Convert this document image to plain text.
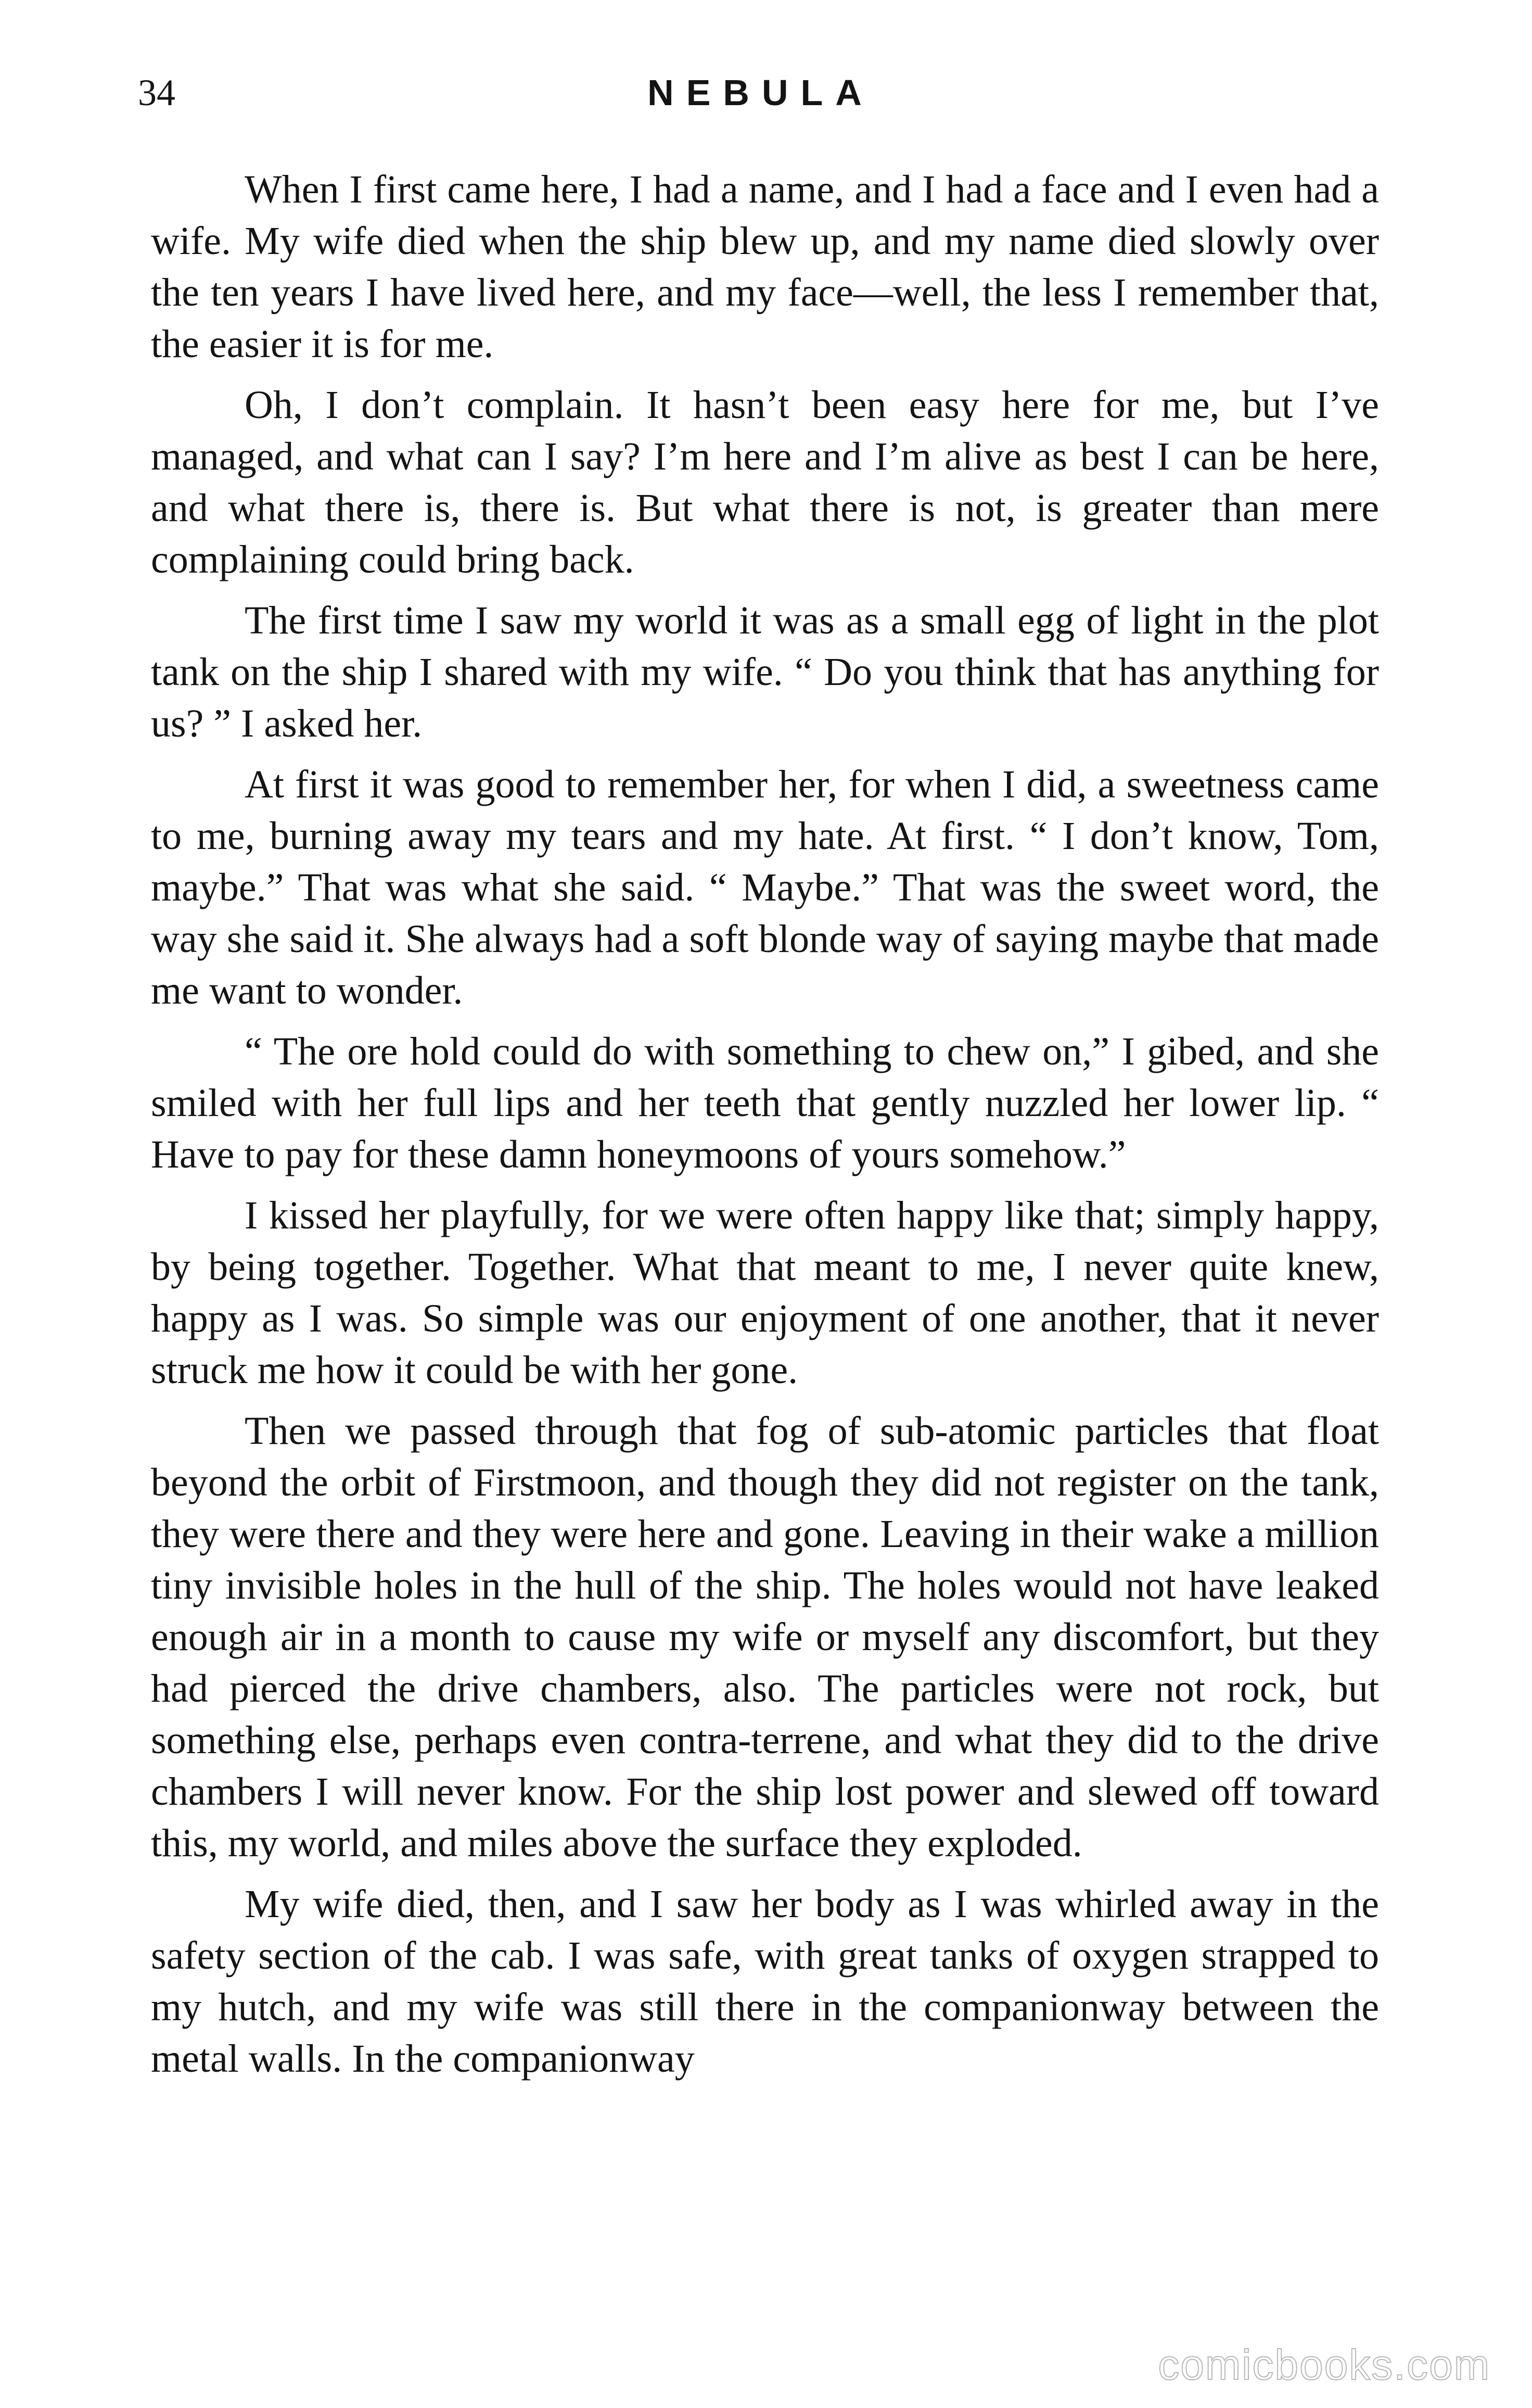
34	NEBULA

When I first came here, I had a name, and I had a face and I even had a wife. My wife died when the ship blew up, and my name died slowly over the ten years I have lived here, and my face—well, the less I remember that, the easier it is for me.

Oh, I don’t complain. It hasn’t been easy here for me, but I’ve managed, and what can I say? I’m here and I’m alive as best I can be here, and what there is, there is. But what there is not, is greater than mere complaining could bring back.

The first time I saw my world it was as a small egg of light in the plot tank on the ship I shared with my wife. “ Do you think that has anything for us? ” I asked her.

At first it was good to remember her, for when I did, a sweetness came to me, burning away my tears and my hate. At first. “ I don’t know, Tom, maybe.” That was what she said. “ Maybe.” That was the sweet word, the way she said it. She always had a soft blonde way of saying maybe that made me want to wonder.

“ The ore hold could do with something to chew on,” I gibed, and she smiled with her full lips and her teeth that gently nuzzled her lower lip. “ Have to pay for these damn honeymoons of yours somehow.”

I kissed her playfully, for we were often happy like that; simply happy, by being together. Together. What that meant to me, I never quite knew, happy as I was. So simple was our enjoyment of one another, that it never struck me how it could be with her gone.

Then we passed through that fog of sub-atomic particles that float beyond the orbit of Firstmoon, and though they did not register on the tank, they were there and they were here and gone. Leaving in their wake a million tiny invisible holes in the hull of the ship. The holes would not have leaked enough air in a month to cause my wife or myself any discomfort, but they had pierced the drive chambers, also. The particles were not rock, but something else, perhaps even contra-terrene, and what they did to the drive chambers I will never know. For the ship lost power and slewed off toward this, my world, and miles above the surface they exploded.

My wife died, then, and I saw her body as I was whirled away in the safety section of the cab. I was safe, with great tanks of oxygen strapped to my hutch, and my wife was still there in the companionway between the metal walls. In the companionway

comicbooks.com
